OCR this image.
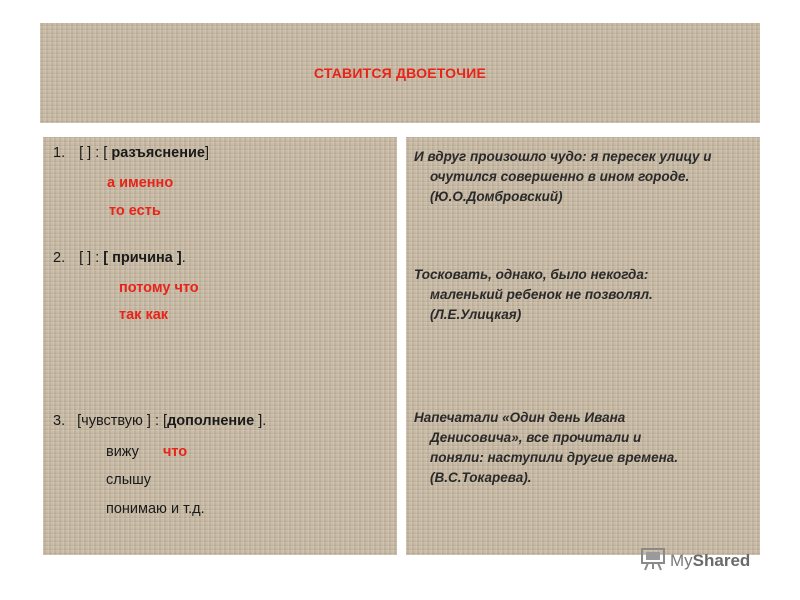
СТАВИТСЯ ДВОЕТОЧИЕ
1. [ ] : [ разъяснение]
а именно
то есть
2. [ ] : [ причина ].
потому что
так как
3. [чувствую ] : [дополнение ].
вижу что
слышу
понимаю и т.д.
И вдруг произошло чудо: я пересек улицу и
очутился совершенно в ином городе.
(Ю.О.Домбровский)
Тосковать, однако, было некогда:
маленький ребенок не позволял.
(Л.Е.Улицкая)
Напечатали «Один день Ивана
Денисовича», все прочитали и
поняли: наступили другие времена.
(В.С.Токарева).
MyShared
